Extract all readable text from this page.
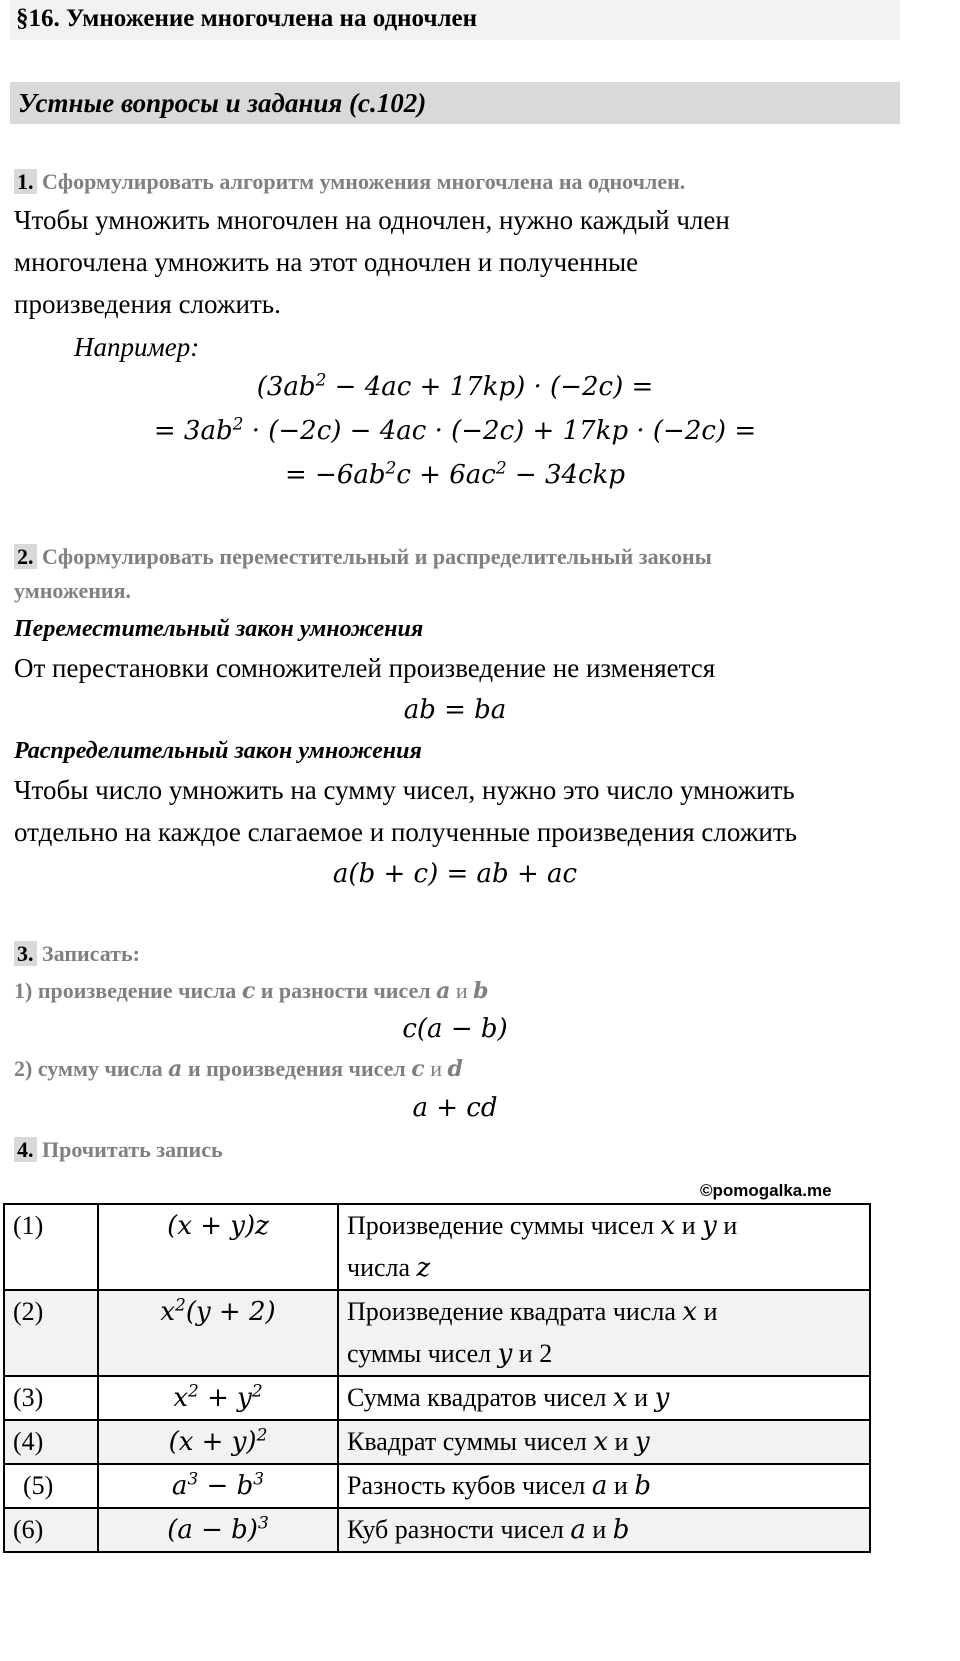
§16. Умножение многочлена на одночлен
Устные вопросы и задания (с.102)
1. Сформулировать алгоритм умножения многочлена на одночлен.
Чтобы умножить многочлен на одночлен, нужно каждый член
многочлена умножить на этот одночлен и полученные
произведения сложить.
Например:
$(3ab^2 - 4ac + 17kp) \cdot (-2c)$ =
= $3ab^2 \cdot (-2c) - 4ac \cdot (-2c) + 17kp \cdot (-2c)$ =
= $-6ab^2c + 6ac^2 - 34ckp$
2. Сформулировать переместительный и распределительный законы
умножения.
Переместительный закон умножения
От перестановки сомножителей произведение не изменяется
ab = ba
Распределительный закон умножения
Чтобы число умножить на сумму чисел, нужно это число умножить
отдельно на каждое слагаемое и полученные произведения сложить
a(b + c) = ab + ac
3. Записать:
1) произведение числа c и разности чисел a и b
c(a − b)
2) сумму числа a и произведения чисел c и d
a + cd
4. Прочитать запись
©pomogalka.me
(1)	(x + y)z	Произведение суммы чисел x и y и
числа z
(2)	$x^2(y + 2)$	Произведение квадрата числа x и
суммы чисел y и 2
(3)	$x^2 + y^2$	Сумма квадратов чисел x и y
(4)	$(x + y)^2$	Квадрат суммы чисел x и y
(5)	$a^3 - b^3$	Разность кубов чисел a и b
(6)	$(a - b)^3$	Куб разности чисел a и b
